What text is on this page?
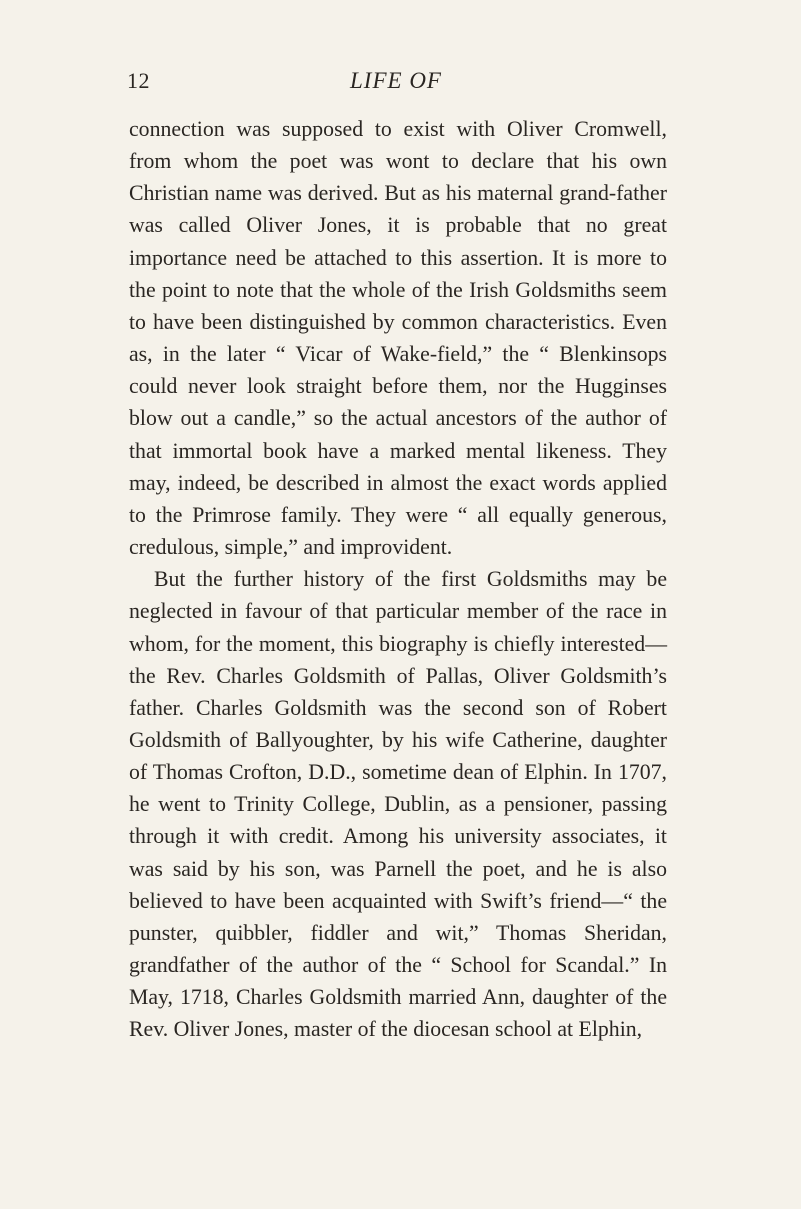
12	LIFE OF

connection was supposed to exist with Oliver Cromwell, from whom the poet was wont to declare that his own Christian name was derived. But as his maternal grand-father was called Oliver Jones, it is probable that no great importance need be attached to this assertion. It is more to the point to note that the whole of the Irish Goldsmiths seem to have been distinguished by common characteristics. Even as, in the later “ Vicar of Wake-field,” the “ Blenkinsops could never look straight before them, nor the Hugginses blow out a candle,” so the actual ancestors of the author of that immortal book have a marked mental likeness. They may, indeed, be described in almost the exact words applied to the Primrose family. They were “ all equally generous, credulous, simple,” and improvident.

But the further history of the first Goldsmiths may be neglected in favour of that particular member of the race in whom, for the moment, this biography is chiefly interested—the Rev. Charles Goldsmith of Pallas, Oliver Goldsmith’s father. Charles Goldsmith was the second son of Robert Goldsmith of Ballyoughter, by his wife Catherine, daughter of Thomas Crofton, D.D., sometime dean of Elphin. In 1707, he went to Trinity College, Dublin, as a pensioner, passing through it with credit. Among his university associates, it was said by his son, was Parnell the poet, and he is also believed to have been acquainted with Swift’s friend—“ the punster, quibbler, fiddler and wit,” Thomas Sheridan, grandfather of the author of the “ School for Scandal.” In May, 1718, Charles Goldsmith married Ann, daughter of the Rev. Oliver Jones, master of the diocesan school at Elphin,
